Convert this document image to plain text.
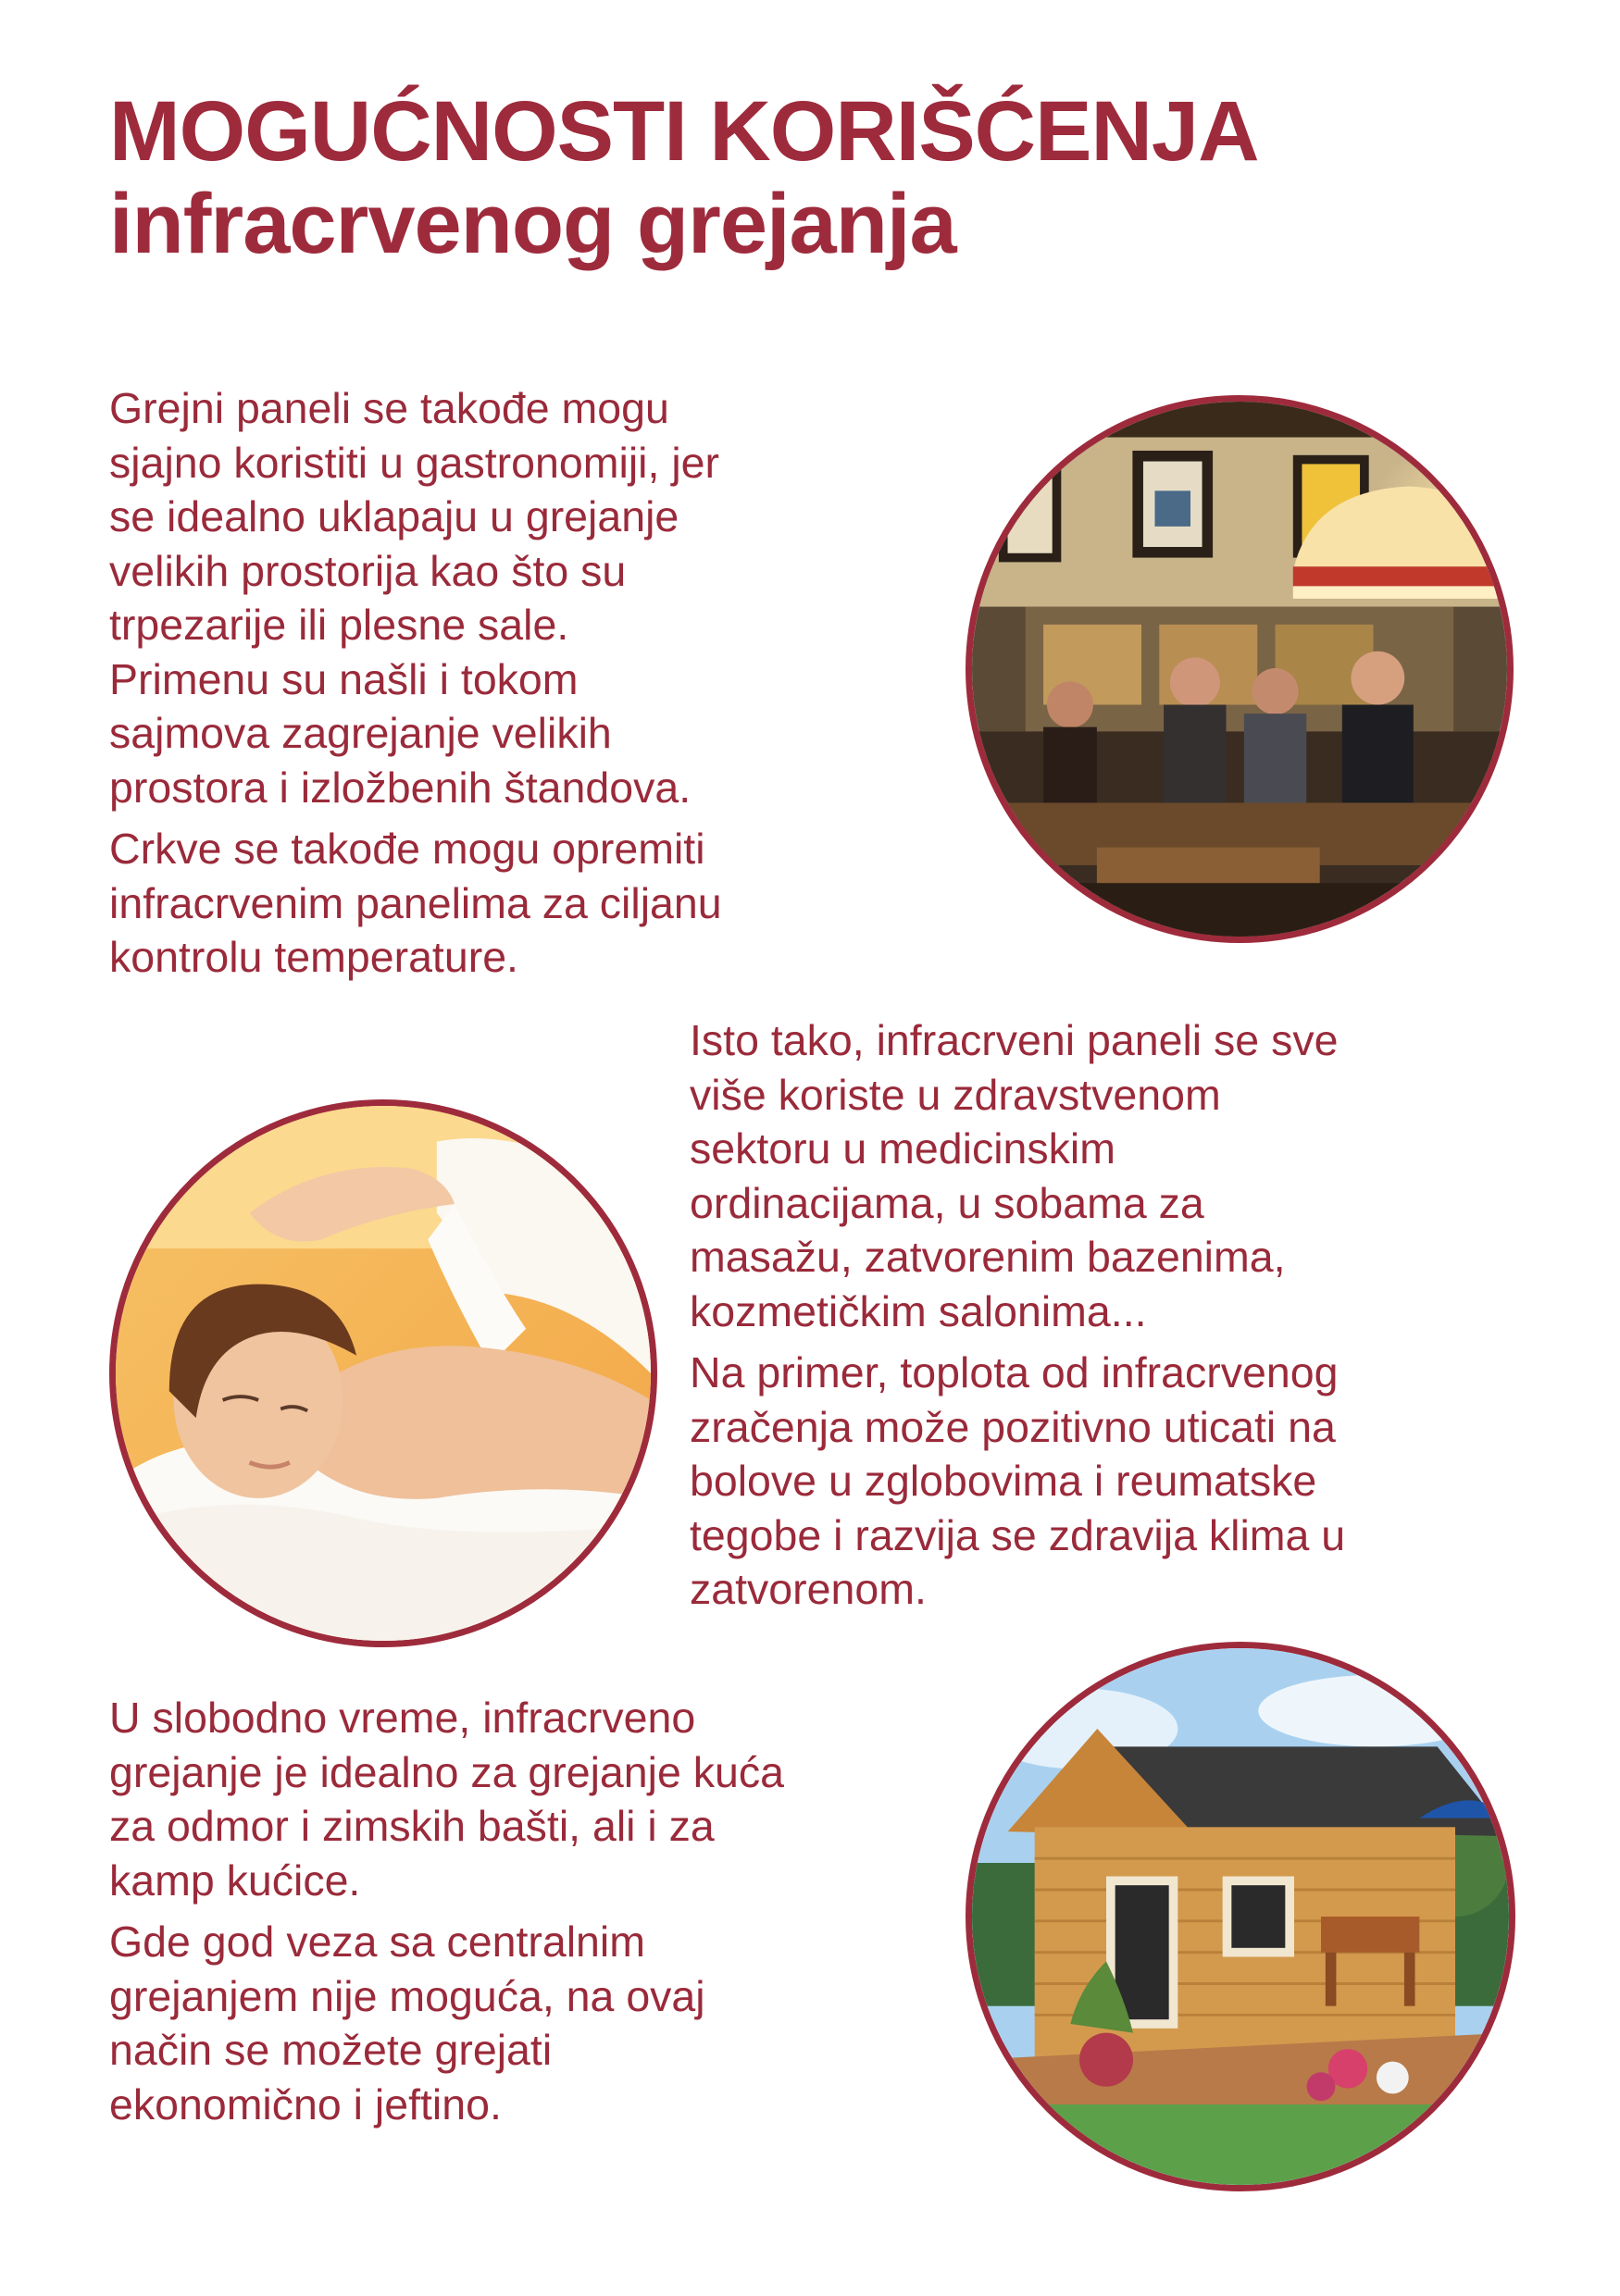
MOGUĆNOSTI KORIŠĆENJA
infracrvenog grejanja

Grejni paneli se takođe mogu
sjajno koristiti u gastronomiji, jer
se idealno uklapaju u grejanje
velikih prostorija kao što su
trpezarije ili plesne sale.
Primenu su našli i tokom
sajmova zagrejanje velikih
prostora i izložbenih štandova.

Crkve se takođe mogu opremiti
infracrvenim panelima za ciljanu
kontrolu temperature.

Isto tako, infracrveni paneli se sve
više koriste u zdravstvenom
sektoru u medicinskim
ordinacijama, u sobama za
masažu, zatvorenim bazenima,
kozmetičkim salonima...

Na primer, toplota od infracrvenog
zračenja može pozitivno uticati na
bolove u zglobovima i reumatske
tegobe i razvija se zdravija klima u
zatvorenom.

U slobodno vreme, infracrveno
grejanje je idealno za grejanje kuća
za odmor i zimskih bašti, ali i za
kamp kućice.

Gde god veza sa centralnim
grejanjem nije moguća, na ovaj
način se možete grejati
ekonomično i jeftino.
